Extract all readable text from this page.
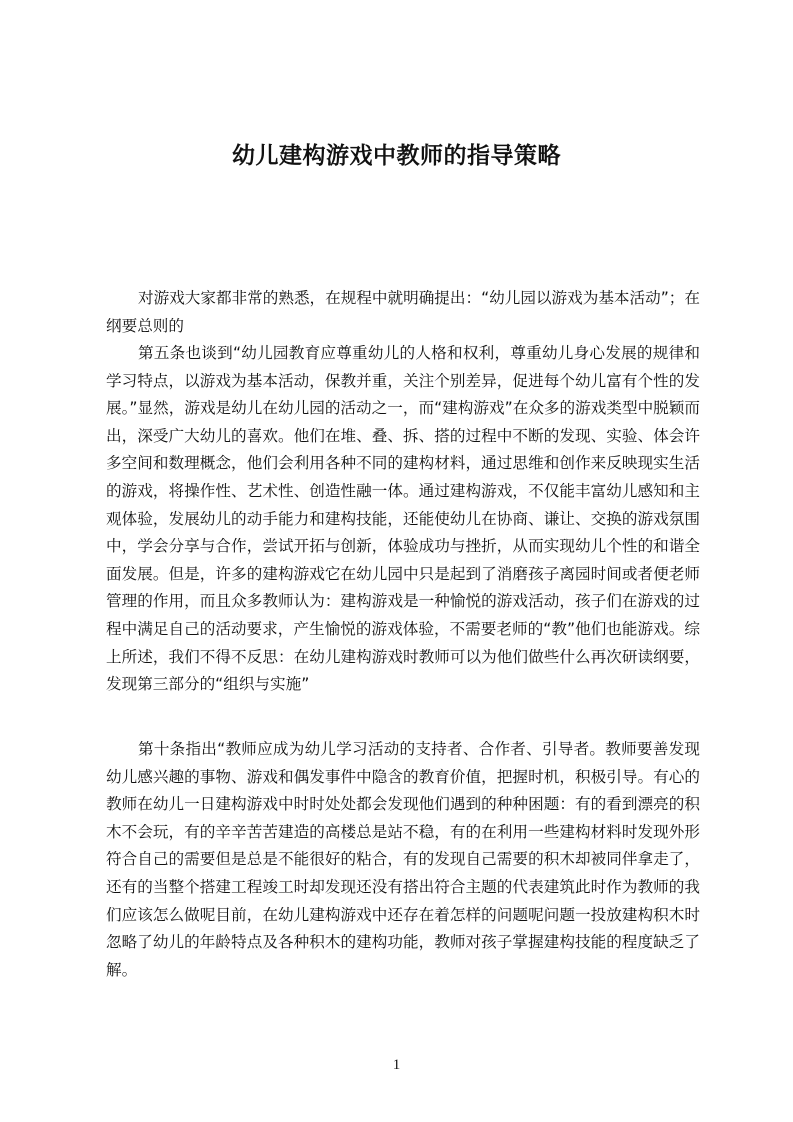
幼儿建构游戏中教师的指导策略

对游戏大家都非常的熟悉，在规程中就明确提出：“幼儿园以游戏为基本活动”；在纲要总则的

第五条也谈到“幼儿园教育应尊重幼儿的人格和权利，尊重幼儿身心发展的规律和学习特点，以游戏为基本活动，保教并重，关注个别差异，促进每个幼儿富有个性的发展。”显然，游戏是幼儿在幼儿园的活动之一，而“建构游戏”在众多的游戏类型中脱颖而出，深受广大幼儿的喜欢。他们在堆、叠、拆、搭的过程中不断的发现、实验、体会许多空间和数理概念，他们会利用各种不同的建构材料，通过思维和创作来反映现实生活的游戏，将操作性、艺术性、创造性融一体。通过建构游戏，不仅能丰富幼儿感知和主观体验，发展幼儿的动手能力和建构技能，还能使幼儿在协商、谦让、交换的游戏氛围中，学会分享与合作，尝试开拓与创新，体验成功与挫折，从而实现幼儿个性的和谐全面发展。但是，许多的建构游戏它在幼儿园中只是起到了消磨孩子离园时间或者便老师管理的作用，而且众多教师认为：建构游戏是一种愉悦的游戏活动，孩子们在游戏的过程中满足自己的活动要求，产生愉悦的游戏体验，不需要老师的“教”他们也能游戏。综上所述，我们不得不反思：在幼儿建构游戏时教师可以为他们做些什么再次研读纲要，发现第三部分的“组织与实施”

第十条指出“教师应成为幼儿学习活动的支持者、合作者、引导者。教师要善发现幼儿感兴趣的事物、游戏和偶发事件中隐含的教育价值，把握时机，积极引导。有心的教师在幼儿一日建构游戏中时时处处都会发现他们遇到的种种困题：有的看到漂亮的积木不会玩，有的辛辛苦苦建造的高楼总是站不稳，有的在利用一些建构材料时发现外形符合自己的需要但是总是不能很好的粘合，有的发现自己需要的积木却被同伴拿走了，还有的当整个搭建工程竣工时却发现还没有搭出符合主题的代表建筑此时作为教师的我们应该怎么做呢目前，在幼儿建构游戏中还存在着怎样的问题呢问题一投放建构积木时忽略了幼儿的年龄特点及各种积木的建构功能，教师对孩子掌握建构技能的程度缺乏了解。

1
